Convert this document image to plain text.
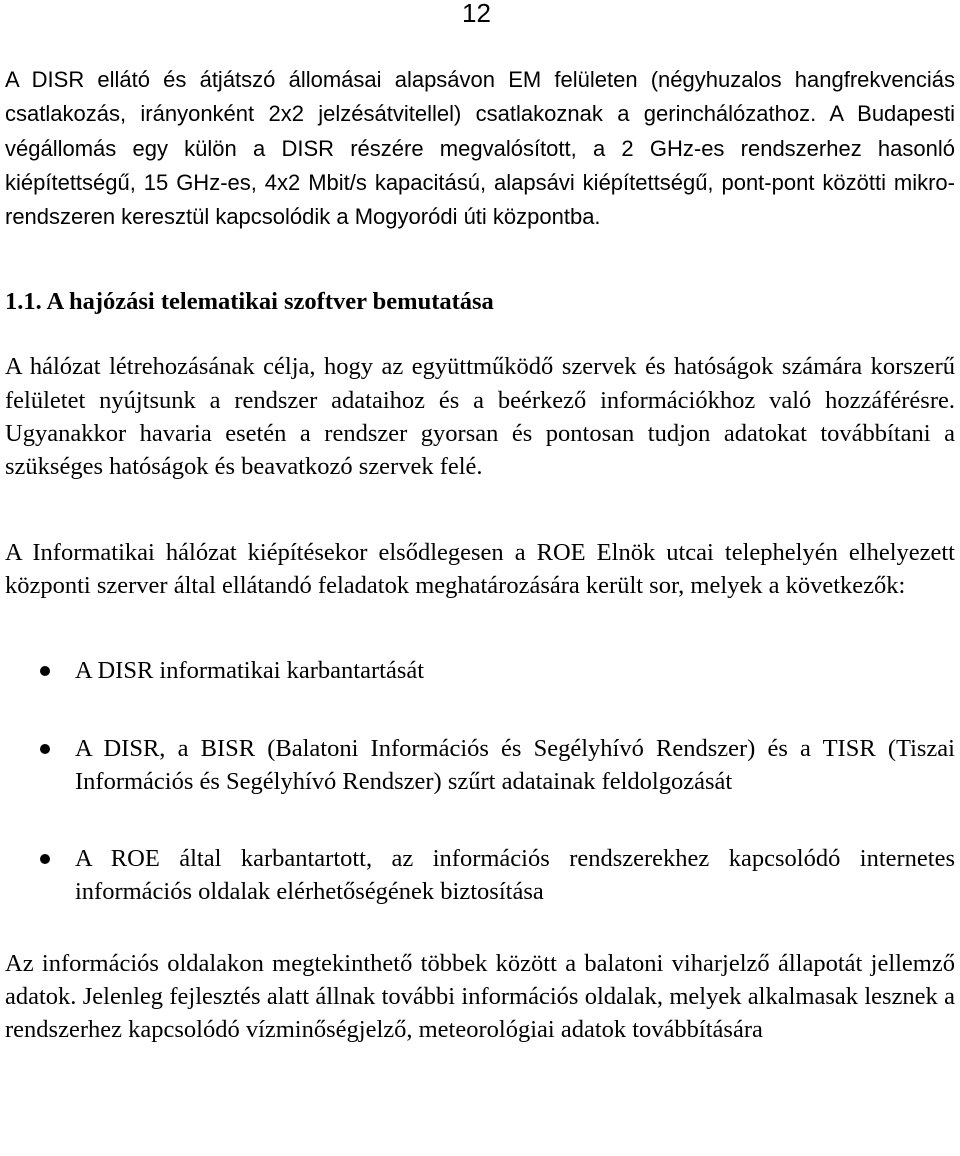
12

A DISR ellátó és átjátszó állomásai alapsávon EM felületen (négyhuzalos hangfrekvenciás csatlakozás, irányonként 2x2 jelzésátvitellel) csatlakoznak a gerinchálózathoz. A Budapesti végállomás egy külön a DISR részére megvalósított, a 2 GHz-es rendszerhez hasonló kiépítettségű, 15 GHz-es, 4x2 Mbit/s kapacitású, alapsávi kiépítettségű, pont-pont közötti mikro-rendszeren keresztül kapcsolódik a Mogyoródi úti központba.

1.1. A hajózási telematikai szoftver bemutatása

A hálózat létrehozásának célja, hogy az együttműködő szervek és hatóságok számára korszerű felületet nyújtsunk a rendszer adataihoz és a beérkező információkhoz való hozzáférésre. Ugyanakkor havaria esetén a rendszer gyorsan és pontosan tudjon adatokat továbbítani a szükséges hatóságok és beavatkozó szervek felé.

A Informatikai hálózat kiépítésekor elsődlegesen a ROE Elnök utcai telephelyén elhelyezett központi szerver által ellátandó feladatok meghatározására került sor, melyek a következők:

A DISR informatikai karbantartását
A DISR, a BISR (Balatoni Információs és Segélyhívó Rendszer) és a TISR (Tiszai Információs és Segélyhívó Rendszer) szűrt adatainak feldolgozását
A ROE által karbantartott, az információs rendszerekhez kapcsolódó internetes információs oldalak elérhetőségének biztosítása

Az információs oldalakon megtekinthető többek között a balatoni viharjelző állapotát jellemző adatok. Jelenleg fejlesztés alatt állnak további információs oldalak, melyek alkalmasak lesznek a rendszerhez kapcsolódó vízminőségjelző, meteorológiai adatok továbbítására
